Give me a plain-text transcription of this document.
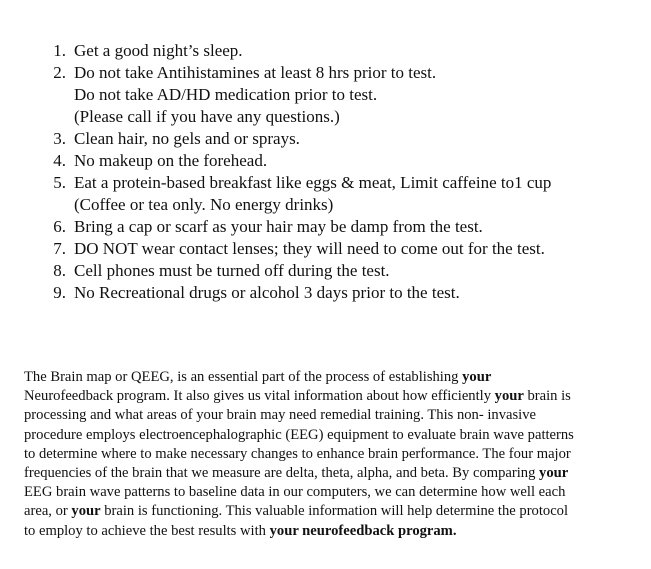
1. Get a good night’s sleep.
2. Do not take Antihistamines at least 8 hrs prior to test.
Do not take AD/HD medication prior to test.
(Please call if you have any questions.)
3. Clean hair, no gels and or sprays.
4. No makeup on the forehead.
5. Eat a protein-based breakfast like eggs & meat, Limit caffeine to1 cup
(Coffee or tea only. No energy drinks)
6. Bring a cap or scarf as your hair may be damp from the test.
7. DO NOT wear contact lenses; they will need to come out for the test.
8. Cell phones must be turned off during the test.
9. No Recreational drugs or alcohol 3 days prior to the test.

The Brain map or QEEG, is an essential part of the process of establishing your
Neurofeedback program. It also gives us vital information about how efficiently your brain is
processing and what areas of your brain may need remedial training. This non- invasive
procedure employs electroencephalographic (EEG) equipment to evaluate brain wave patterns
to determine where to make necessary changes to enhance brain performance. The four major
frequencies of the brain that we measure are delta, theta, alpha, and beta. By comparing your
EEG brain wave patterns to baseline data in our computers, we can determine how well each
area, or your brain is functioning. This valuable information will help determine the protocol
to employ to achieve the best results with your neurofeedback program.
